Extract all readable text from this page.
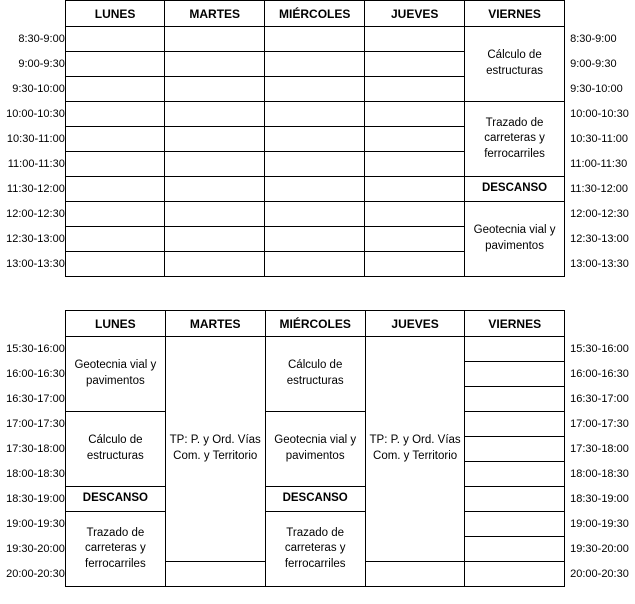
	LUNES	MARTES	MIÉRCOLES	JUEVES	VIERNES	
8:30-9:00					Cálculo de estructuras	8:30-9:00
9:00-9:30						9:00-9:30
9:30-10:00						9:30-10:00
10:00-10:30					Trazado de carreteras y ferrocarriles	10:00-10:30
10:30-11:00						10:30-11:00
11:00-11:30						11:00-11:30
11:30-12:00					DESCANSO	11:30-12:00
12:00-12:30					Geotecnia vial y pavimentos	12:00-12:30
12:30-13:00						12:30-13:00
13:00-13:30						13:00-13:30
	LUNES	MARTES	MIÉRCOLES	JUEVES	VIERNES	
15:30-16:00	Geotecnia vial y pavimentos	TP: P. y Ord. Vías Com. y Territorio	Cálculo de estructuras	TP: P. y Ord. Vías Com. y Territorio		15:30-16:00
16:00-16:30						16:00-16:30
16:30-17:00						16:30-17:00
17:00-17:30	Cálculo de estructuras		Geotecnia vial y pavimentos			17:00-17:30
17:30-18:00						17:30-18:00
18:00-18:30						18:00-18:30
18:30-19:00	DESCANSO		DESCANSO			18:30-19:00
19:00-19:30	Trazado de carreteras y ferrocarriles		Trazado de carreteras y ferrocarriles			19:00-19:30
19:30-20:00						19:30-20:00
20:00-20:30						20:00-20:30
